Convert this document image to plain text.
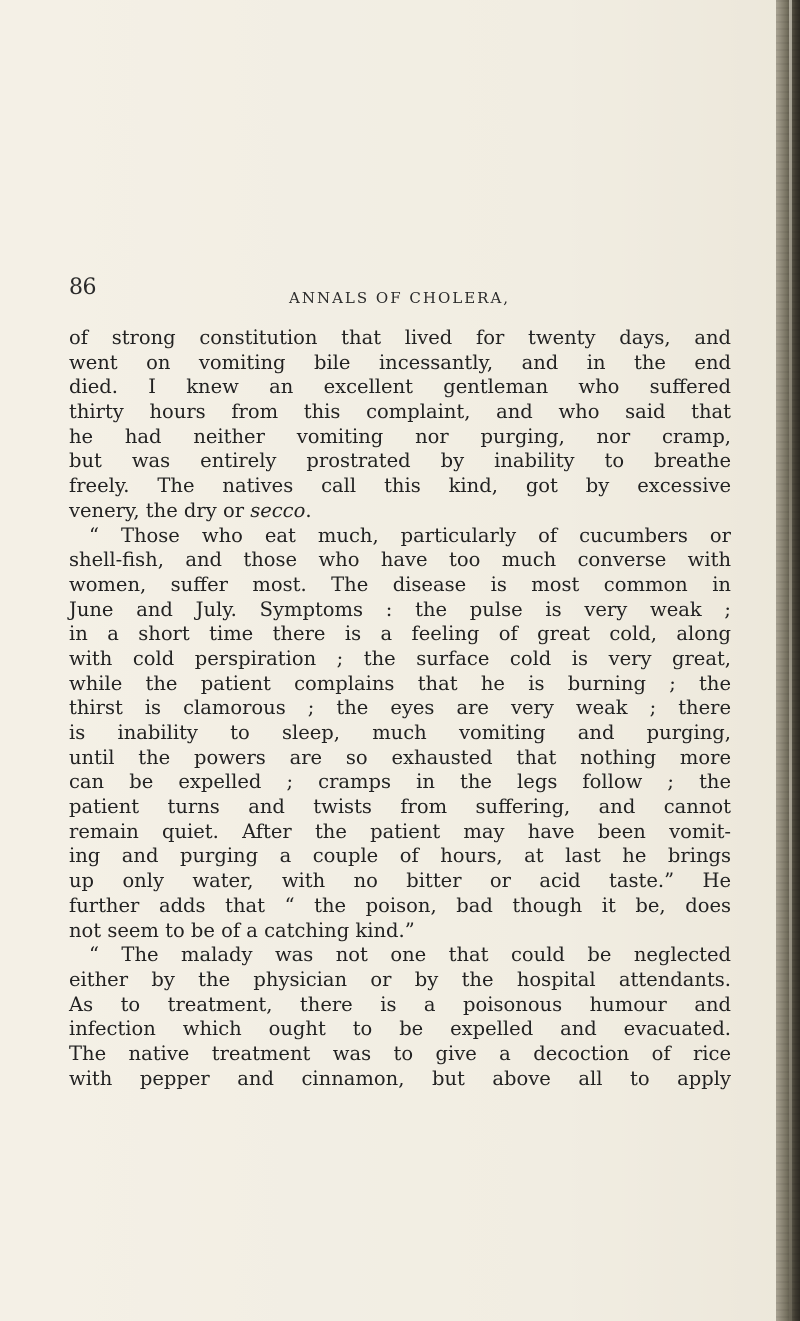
86	ANNALS OF CHOLERA,
of strong constitution that lived for twenty days, and
went on vomiting bile incessantly, and in the end
died. I knew an excellent gentleman who suffered
thirty hours from this complaint, and who said that
he had neither vomiting nor purging, nor cramp,
but was entirely prostrated by inability to breathe
freely. The natives call this kind, got by excessive
venery, the dry or secco.
“ Those who eat much, particularly of cucumbers or
shell-fish, and those who have too much converse with
women, suffer most. The disease is most common in
June and July. Symptoms : the pulse is very weak ;
in a short time there is a feeling of great cold, along
with cold perspiration ; the surface cold is very great,
while the patient complains that he is burning ; the
thirst is clamorous ; the eyes are very weak ; there
is inability to sleep, much vomiting and purging,
until the powers are so exhausted that nothing more
can be expelled ; cramps in the legs follow ; the
patient turns and twists from suffering, and cannot
remain quiet. After the patient may have been vomit-
ing and purging a couple of hours, at last he brings
up only water, with no bitter or acid taste.” He
further adds that “ the poison, bad though it be, does
not seem to be of a catching kind.”
“ The malady was not one that could be neglected
either by the physician or by the hospital attendants.
As to treatment, there is a poisonous humour and
infection which ought to be expelled and evacuated.
The native treatment was to give a decoction of rice
with pepper and cinnamon, but above all to apply
